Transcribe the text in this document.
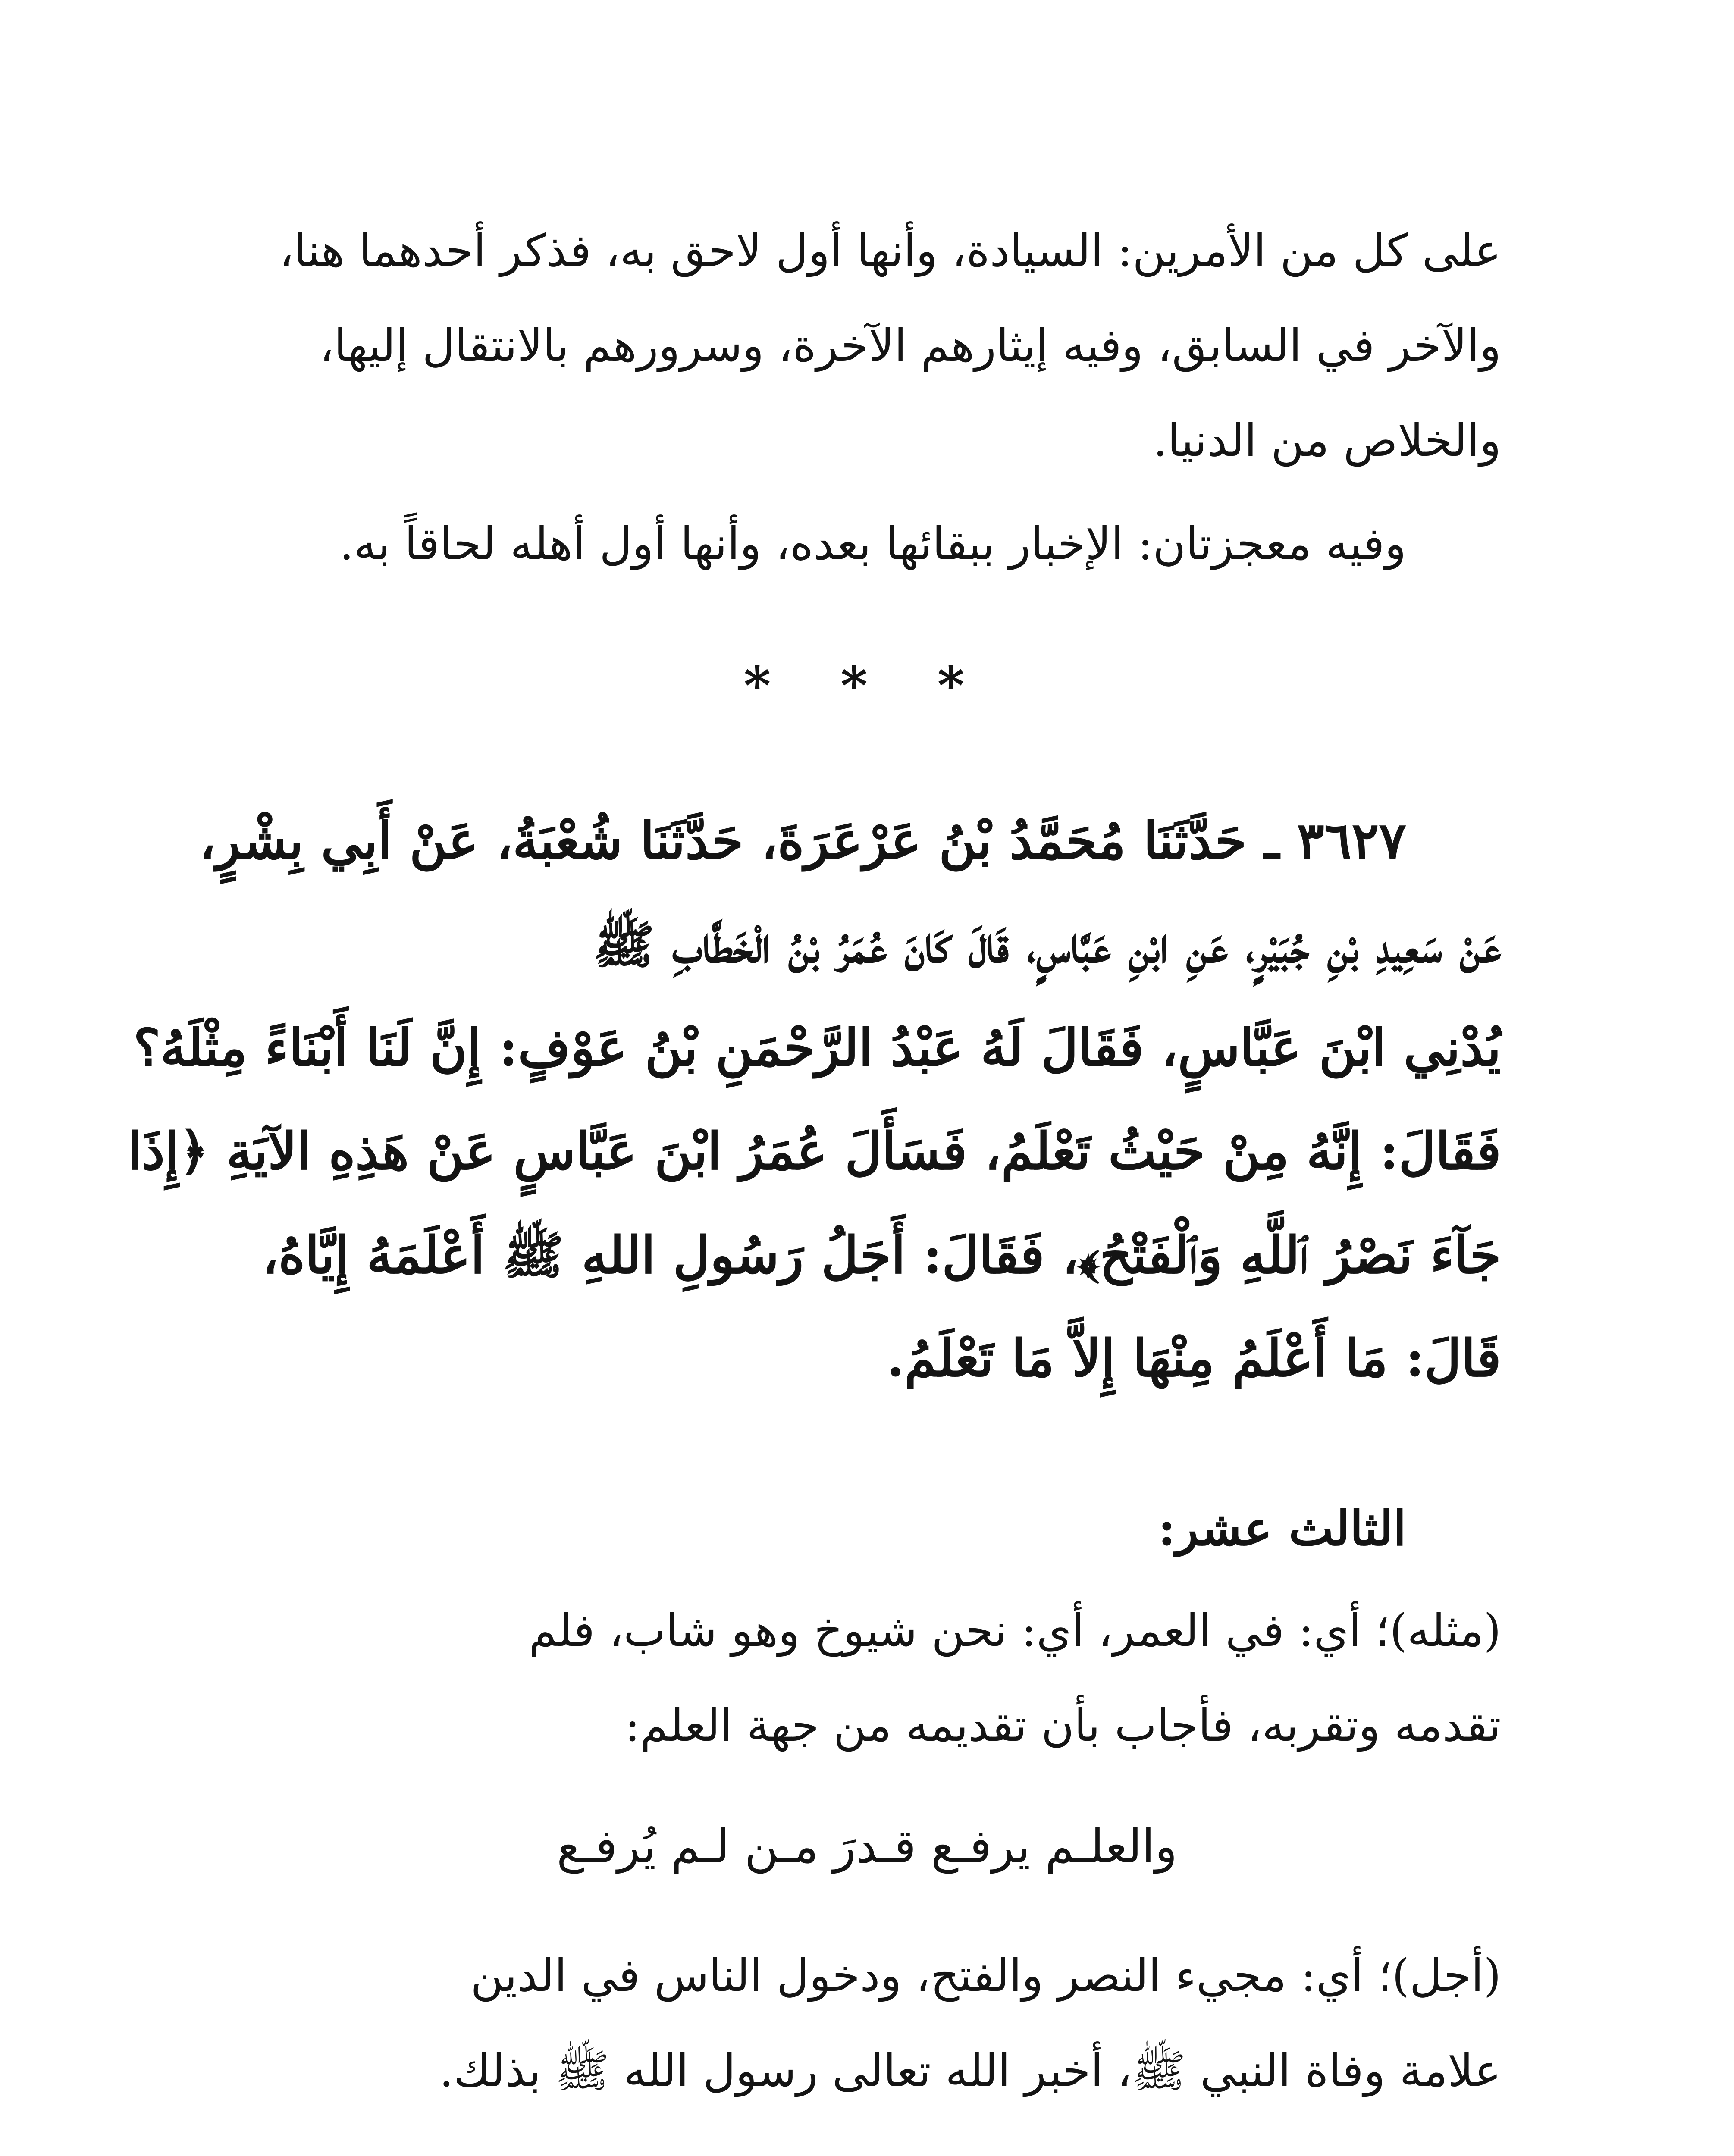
على كل من الأمرين: السيادة، وأنها أول لاحق به، فذكر أحدهما هنا،

والآخر في السابق، وفيه إيثارهم الآخرة، وسرورهم بالانتقال إليها،

والخلاص من الدنيا.

وفيه معجزتان: الإخبار ببقائها بعده، وأنها أول أهله لحاقاً به.

* * *

٣٦٢٧ ـ حَدَّثَنَا مُحَمَّدُ بْنُ عَرْعَرَةَ، حَدَّثَنَا شُعْبَةُ، عَنْ أَبِي بِشْرٍ،

عَنْ سَعِيدِ بْنِ جُبَيْرٍ، عَنِ ابْنِ عَبَّاسٍ، قَالَ كَانَ عُمَرُ بْنُ الْخَطَّابِ ﷺ

يُدْنِي ابْنَ عَبَّاسٍ، فَقَالَ لَهُ عَبْدُ الرَّحْمَنِ بْنُ عَوْفٍ: إِنَّ لَنَا أَبْنَاءً مِثْلَهُ؟

فَقَالَ: إِنَّهُ مِنْ حَيْثُ تَعْلَمُ، فَسَأَلَ عُمَرُ ابْنَ عَبَّاسٍ عَنْ هَذِهِ الآيَةِ ﴿إِذَا

جَآءَ نَصْرُ ٱللَّهِ وَٱلْفَتْحُ﴾، فَقَالَ: أَجَلُ رَسُولِ اللهِ ﷺ أَعْلَمَهُ إِيَّاهُ،

قَالَ: مَا أَعْلَمُ مِنْهَا إِلاَّ مَا تَعْلَمُ.

الثالث عشر:

(مثله)؛ أي: في العمر، أي: نحن شيوخ وهو شاب، فلم

تقدمه وتقربه، فأجاب بأن تقديمه من جهة العلم:

والعلـم يرفـع قـدرَ مـن لـم يُرفـع

(أجل)؛ أي: مجيء النصر والفتح، ودخول الناس في الدين

علامة وفاة النبي ﷺ، أخبر الله تعالى رسول الله ﷺ بذلك.
